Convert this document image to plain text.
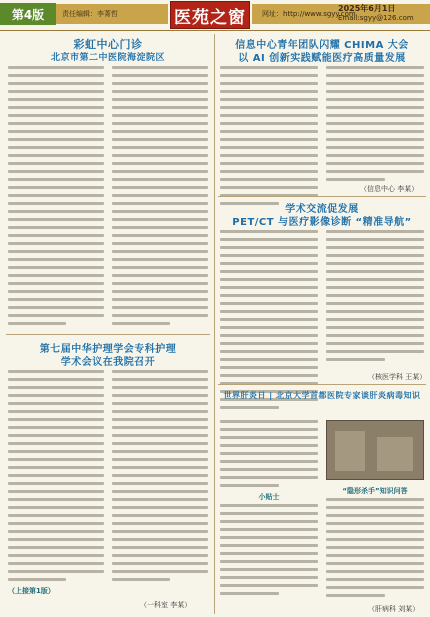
第4版	责任编辑：李菁哲	医苑之窗	网址：http://www.sgyy.com
2025年6月1日
Email:sgyy@126.com
彩虹中心门诊
北京市第二中医院海淀院区
第七届中华护理学会专科护理
学术会议在我院召开
（上接第1版）
（一科室 李某）
信息中心青年团队闪耀 CHIMA 大会
以 AI 创新实践赋能医疗高质量发展
（信息中心 李某）
学术交流促发展
PET/CT 与医疗影像诊断 “精准导航”
（核医学科 王某）
世界肝炎日 | 北京大学首都医院专家谈肝炎病毒知识
小贴士
“隐形杀手”知识问答
（肝病科 刘某）
